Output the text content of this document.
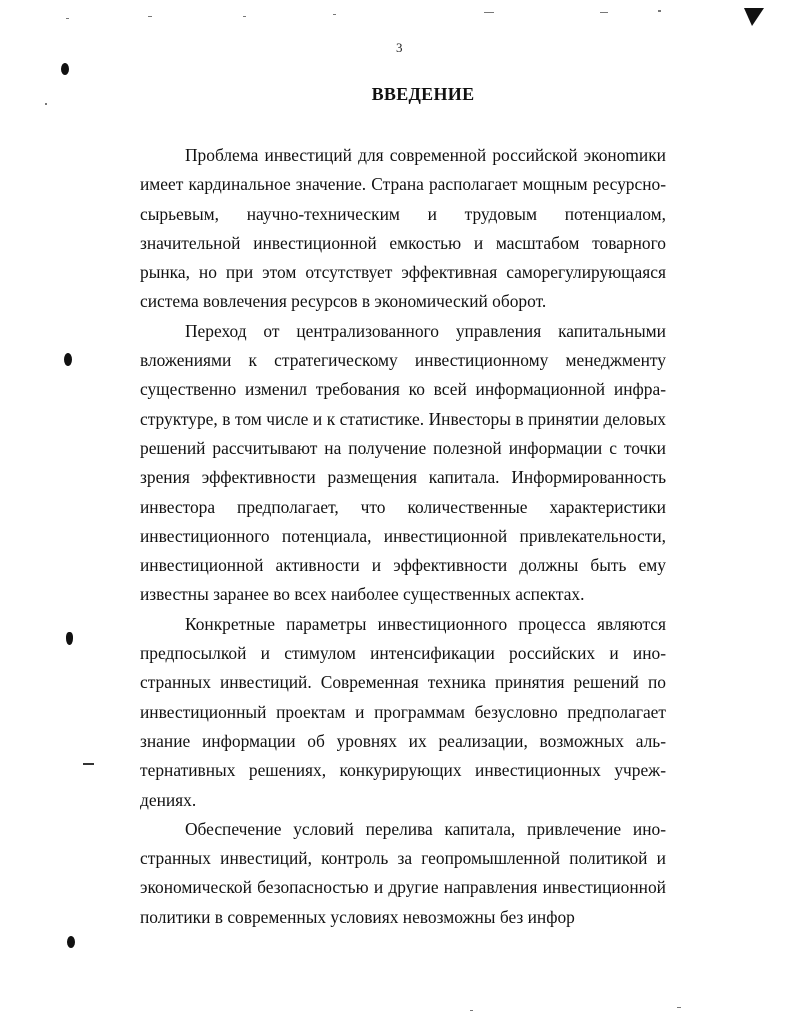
3
ВВЕДЕНИЕ

Проблема инвестиций для современной российской эконоmики имеет кардинальное значение. Страна располагает мощным ресурсно-сырьевым, научно-техническим и трудовым потенциалом, значительной инвестиционной емкостью и масштабом товарного рынка, но при этом отсутствует эффективная саморегулирующаяся система вовлечения ресурсов в экономический оборот.

Переход от централизованного управления капитальными вложениями к стратегическому инвестиционному менеджменту существенно изменил требования ко всей информационной инфраструктуре, в том числе и к статистике. Инвесторы в принятии деловых решений рассчитывают на получение полезной информации с точки зрения эффективности размещения капитала. Информированность инвестора предполагает, что количественные характеристики инвестиционного потенциала, инвестиционной привлекательности, инвестиционной активности и эффективности должны быть ему известны заранее во всех наиболее существенных аспектах.

Конкретные параметры инвестиционного процесса являются предпосылкой и стимулом интенсификации российских и иностранных инвестиций. Современная техника принятия решений по инвестиционный проектам и программам безусловно предполагает знание информации об уровнях их реализации, возможных альтернативных решениях, конкурирующих инвестиционных учреждениях.

Обеспечение условий перелива капитала, привлечение иностранных инвестиций, контроль за геопромышленной политикой и экономической безопасностью и другие направления инвестиционной политики в современных условиях невозможны без инфор
